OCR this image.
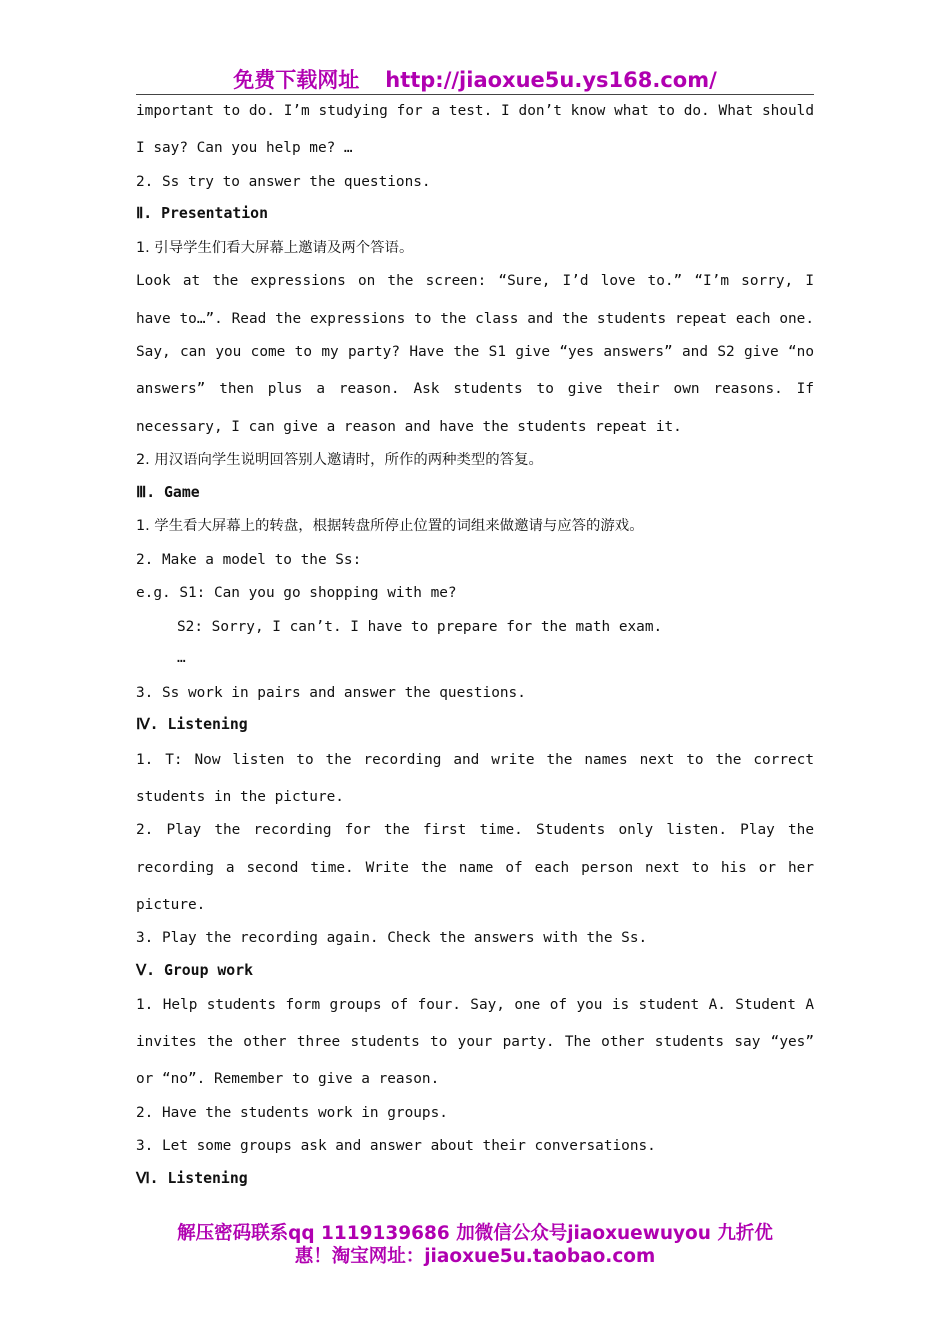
免费下载网址 http://jiaoxue5u.ys168.com/
important to do. I’m studying for a test. I don’t know what to do. What should
I say? Can you help me? …
2. Ss try to answer the questions.
Ⅱ. Presentation
1. 引导学生们看大屏幕上邀请及两个答语。
Look at the expressions on the screen: “Sure, I’d love to.” “I’m sorry, I
have to…”. Read the expressions to the class and the students repeat each one.
Say, can you come to my party? Have the S1 give “yes answers” and S2 give “no
answers” then plus a reason. Ask students to give their own reasons. If
necessary, I can give a reason and have the students repeat it.
2. 用汉语向学生说明回答别人邀请时，所作的两种类型的答复。
Ⅲ. Game
1. 学生看大屏幕上的转盘，根据转盘所停止位置的词组来做邀请与应答的游戏。
2. Make a model to the Ss:
e.g. S1: Can you go shopping with me?
S2: Sorry, I can’t. I have to prepare for the math exam.
…
3. Ss work in pairs and answer the questions.
Ⅳ. Listening
1. T: Now listen to the recording and write the names next to the correct
students in the picture.
2. Play the recording for the first time. Students only listen. Play the
recording a second time. Write the name of each person next to his or her
picture.
3. Play the recording again. Check the answers with the Ss.
Ⅴ. Group work
1. Help students form groups of four. Say, one of you is student A. Student A
invites the other three students to your party. The other students say “yes”
or “no”. Remember to give a reason.
2. Have the students work in groups.
3. Let some groups ask and answer about their conversations.
Ⅵ. Listening
解压密码联系qq 1119139686 加微信公众号jiaoxuewuyou 九折优
惠！淘宝网址：jiaoxue5u.taobao.com
